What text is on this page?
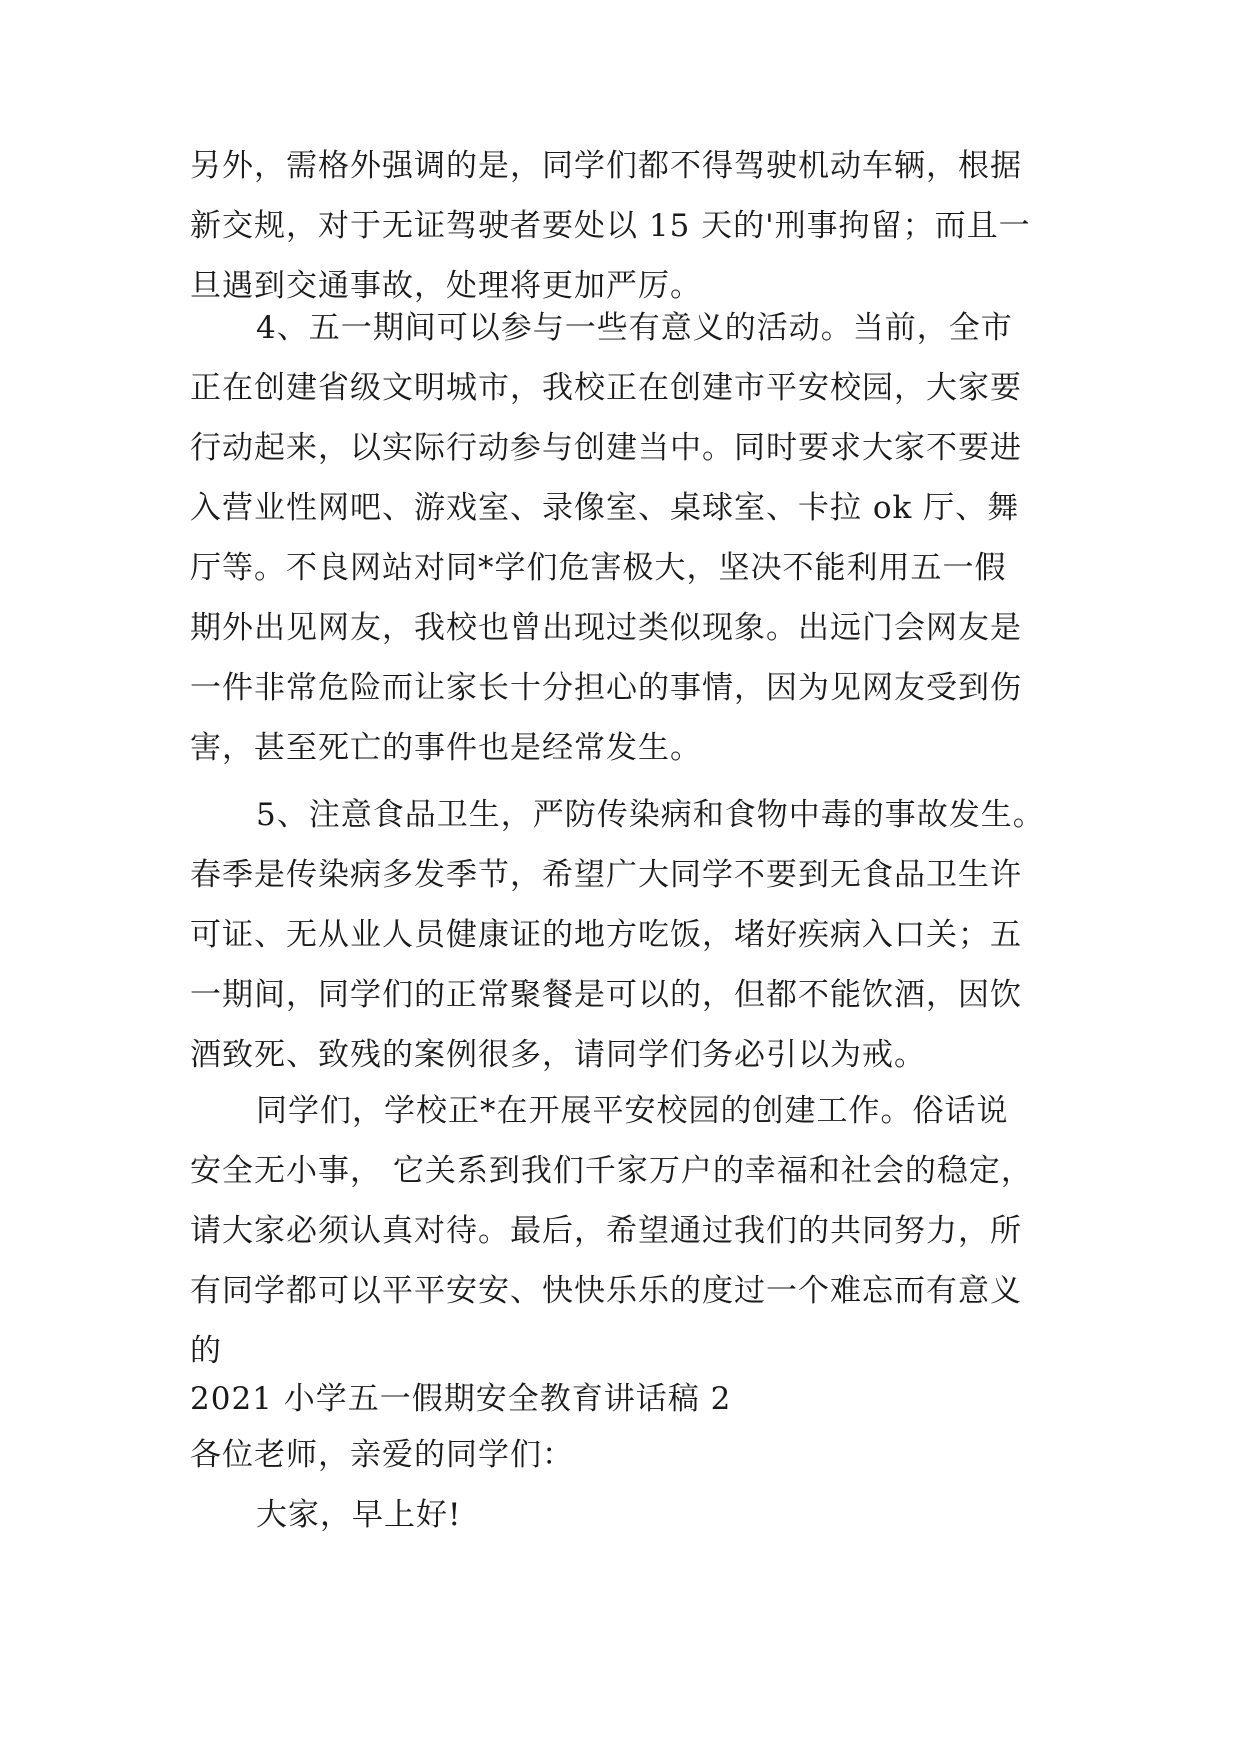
另外，需格外强调的是，同学们都不得驾驶机动车辆，根据
新交规，对于无证驾驶者要处以 15 天的'刑事拘留；而且一
旦遇到交通事故，处理将更加严厉。
4、五一期间可以参与一些有意义的活动。当前，全市
正在创建省级文明城市，我校正在创建市平安校园，大家要
行动起来，以实际行动参与创建当中。同时要求大家不要进
入营业性网吧、游戏室、录像室、桌球室、卡拉 ok 厅、舞
厅等。不良网站对同*学们危害极大，坚决不能利用五一假
期外出见网友，我校也曾出现过类似现象。出远门会网友是
一件非常危险而让家长十分担心的事情，因为见网友受到伤
害，甚至死亡的事件也是经常发生。
5、注意食品卫生，严防传染病和食物中毒的事故发生。
春季是传染病多发季节，希望广大同学不要到无食品卫生许
可证、无从业人员健康证的地方吃饭，堵好疾病入口关；五
一期间，同学们的正常聚餐是可以的，但都不能饮酒，因饮
酒致死、致残的案例很多，请同学们务必引以为戒。
同学们，学校正*在开展平安校园的创建工作。俗话说
安全无小事， 它关系到我们千家万户的幸福和社会的稳定，
请大家必须认真对待。最后，希望通过我们的共同努力，所
有同学都可以平平安安、快快乐乐的度过一个难忘而有意义
的
2021 小学五一假期安全教育讲话稿 2
各位老师，亲爱的同学们：
大家，早上好!
